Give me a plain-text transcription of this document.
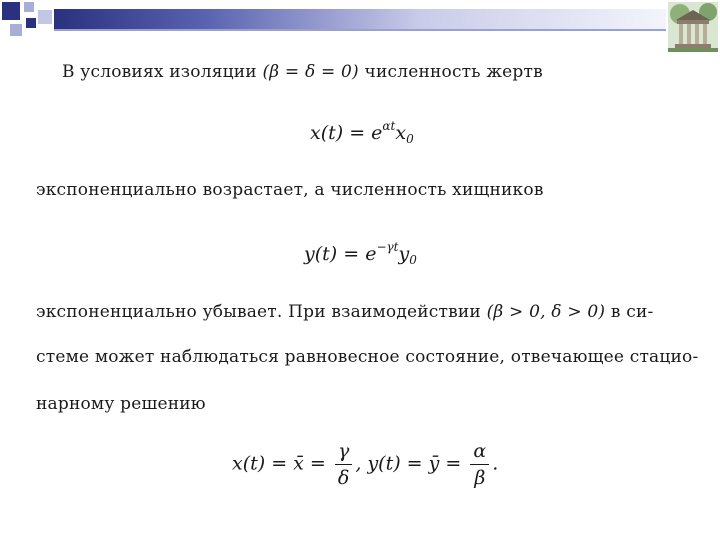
В условиях изоляции (β = δ = 0) численность жертв
$x(t) = e^{\alpha t}x_0$
экспоненциально возрастает, а численность хищников
$y(t) = e^{-\gamma t}y_0$
экспоненциально убывает. При взаимодействии (β > 0, δ > 0) в си-
стеме может наблюдаться равновесное состояние, отвечающее стацио-
нарному решению
x(t) = x̄ = $\frac{\gamma}{\delta}$ , y(t) = ȳ = $\frac{\alpha}{\beta}$ .
